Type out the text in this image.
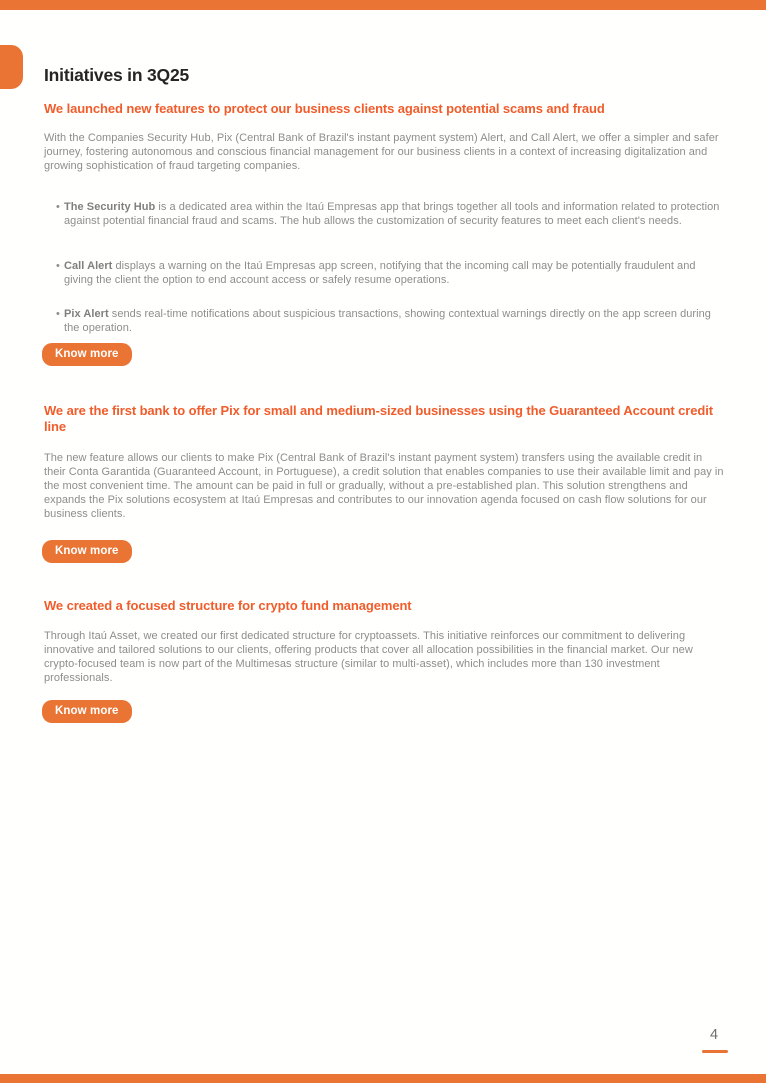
Initiatives in 3Q25
We launched new features to protect our business clients against potential scams and fraud

With the Companies Security Hub, Pix (Central Bank of Brazil's instant payment system) Alert, and Call Alert, we offer a simpler and safer journey, fostering autonomous and conscious financial management for our business clients in a context of increasing digitalization and growing sophistication of fraud targeting companies.

• The Security Hub is a dedicated area within the Itaú Empresas app that brings together all tools and information related to protection against potential financial fraud and scams. The hub allows the customization of security features to meet each client's needs.

• Call Alert displays a warning on the Itaú Empresas app screen, notifying that the incoming call may be potentially fraudulent and giving the client the option to end account access or safely resume operations.

• Pix Alert sends real-time notifications about suspicious transactions, showing contextual warnings directly on the app screen during the operation.

Know more
We are the first bank to offer Pix for small and medium-sized businesses using the Guaranteed Account credit line

The new feature allows our clients to make Pix (Central Bank of Brazil's instant payment system) transfers using the available credit in their Conta Garantida (Guaranteed Account, in Portuguese), a credit solution that enables companies to use their available limit and pay in the most convenient time. The amount can be paid in full or gradually, without a pre-established plan. This solution strengthens and expands the Pix solutions ecosystem at Itaú Empresas and contributes to our innovation agenda focused on cash flow solutions for our business clients.

Know more
We created a focused structure for crypto fund management

Through Itaú Asset, we created our first dedicated structure for cryptoassets. This initiative reinforces our commitment to delivering innovative and tailored solutions to our clients, offering products that cover all allocation possibilities in the financial market. Our new crypto-focused team is now part of the Multimesas structure (similar to multi-asset), which includes more than 130 investment professionals.

Know more
4
